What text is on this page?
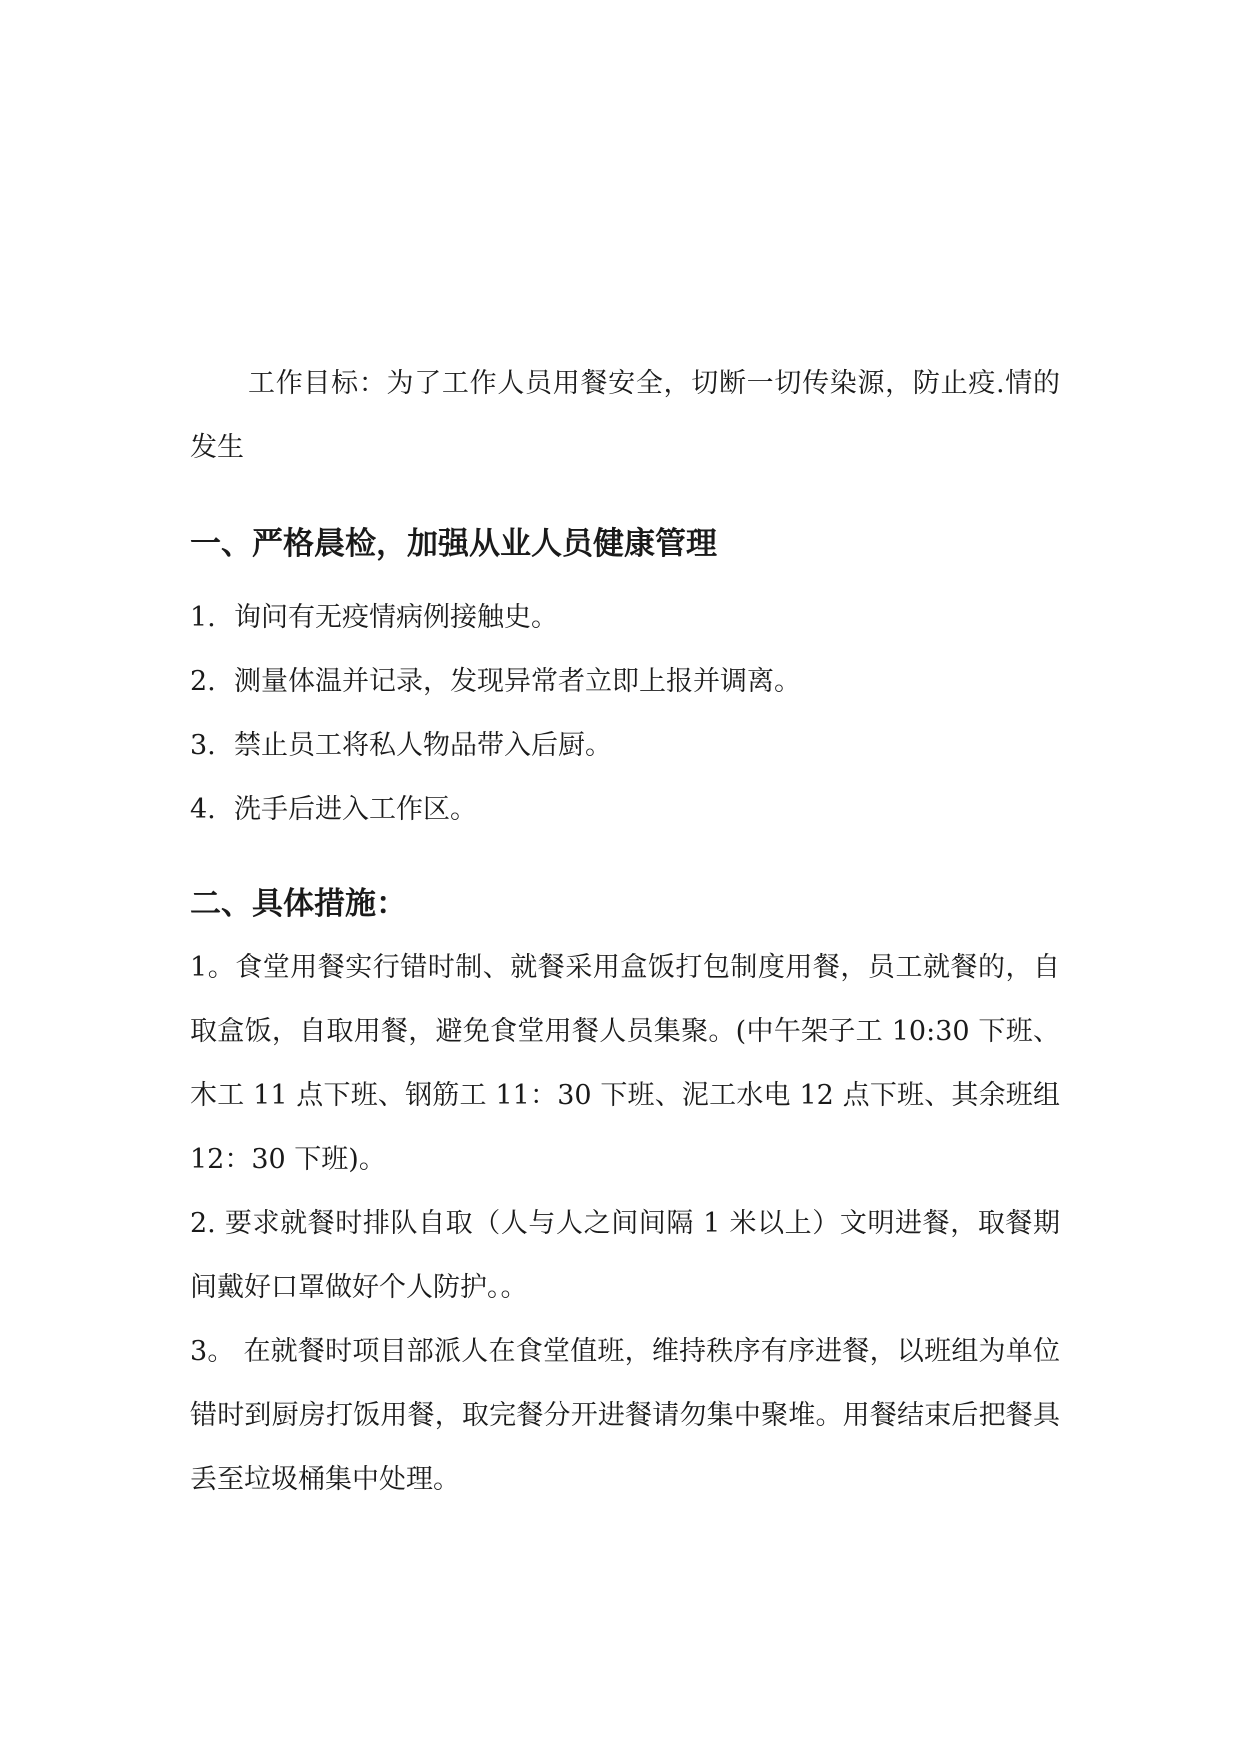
工作目标：为了工作人员用餐安全，切断一切传染源，防止疫.情的发生

一、严格晨检，加强从业人员健康管理

1. 询问有无疫情病例接触史。

2. 测量体温并记录，发现异常者立即上报并调离。

3. 禁止员工将私人物品带入后厨。

4. 洗手后进入工作区。

二、具体措施：

1。食堂用餐实行错时制、就餐采用盒饭打包制度用餐，员工就餐的，自取盒饭，自取用餐，避免食堂用餐人员集聚。(中午架子工 10:30 下班、木工 11 点下班、钢筋工 11：30 下班、泥工水电 12 点下班、其余班组 12：30 下班)。

2. 要求就餐时排队自取（人与人之间间隔 1 米以上）文明进餐，取餐期间戴好口罩做好个人防护。。

3。 在就餐时项目部派人在食堂值班，维持秩序有序进餐，以班组为单位错时到厨房打饭用餐，取完餐分开进餐请勿集中聚堆。用餐结束后把餐具丢至垃圾桶集中处理。
